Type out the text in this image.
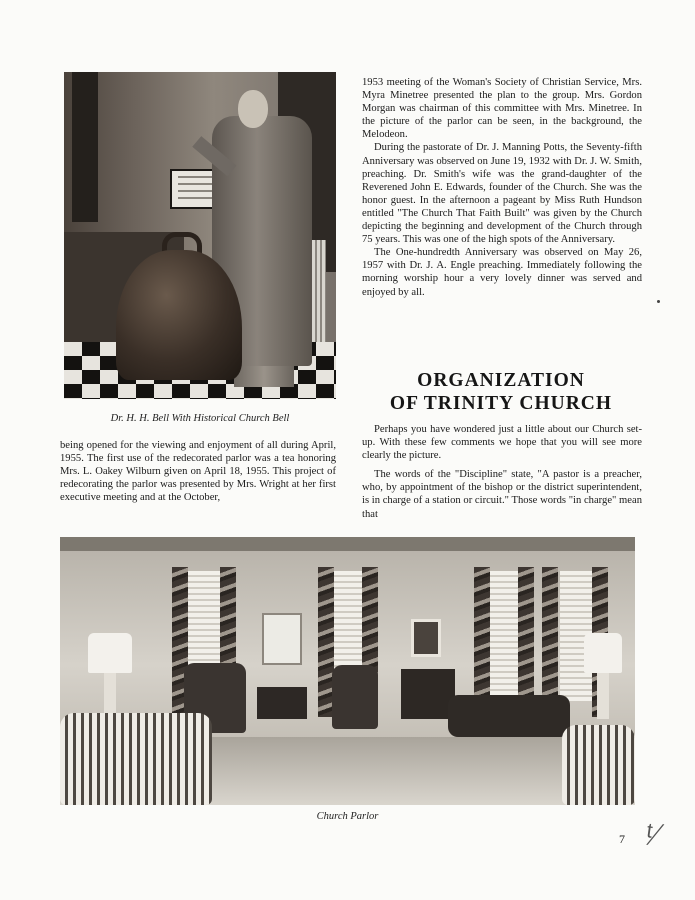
Dr. H. H. Bell With Historical Church Bell

being opened for the viewing and enjoyment of all during April, 1955. The first use of the redecorated parlor was a tea honoring Mrs. L. Oakey Wilburn given on April 18, 1955. This project of redecorating the parlor was presented by Mrs. Wright at her first executive meeting and at the October,

1953 meeting of the Woman's Society of Christian Service, Mrs. Myra Minetree presented the plan to the group. Mrs. Gordon Morgan was chairman of this committee with Mrs. Minetree. In the picture of the parlor can be seen, in the background, the Melodeon.

During the pastorate of Dr. J. Manning Potts, the Seventy-fifth Anniversary was observed on June 19, 1932 with Dr. J. W. Smith, preaching. Dr. Smith's wife was the grand-daughter of the Reverened John E. Edwards, founder of the Church. She was the honor guest. In the afternoon a pageant by Miss Ruth Hundson entitled "The Church That Faith Built" was given by the Church depicting the beginning and development of the Church through 75 years. This was one of the high spots of the Anniversary.

The One-hundredth Anniversary was observed on May 26, 1957 with Dr. J. A. Engle preaching. Immediately following the morning worship hour a very lovely dinner was served and enjoyed by all.

ORGANIZATION
OF TRINITY CHURCH

Perhaps you have wondered just a little about our Church set-up. With these few comments we hope that you will see more clearly the picture.

The words of the "Discipline" state, "A pastor is a preacher, who, by appointment of the bishop or the district superintendent, is in charge of a station or circuit." Those words "in charge" mean that

Church Parlor
7 ᵗ⁄
